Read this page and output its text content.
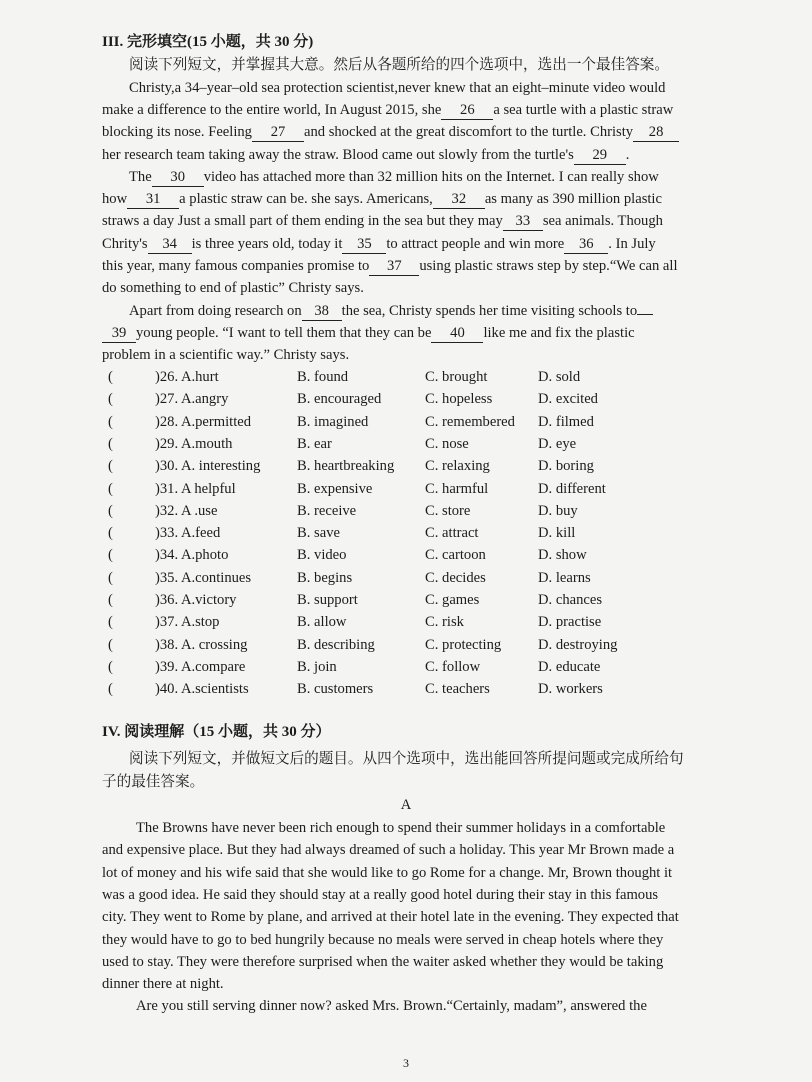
III. 完形填空(15 小题，共 30 分)
阅读下列短文，并掌握其大意。然后从各题所给的四个选项中，选出一个最佳答案。
Christy,a 34–year–old sea protection scientist,never knew that an eight–minute video would
make a difference to the entire world, In August 2015, she 26 a sea turtle with a plastic straw
blocking its nose. Feeling 27 and shocked at the great discomfort to the turtle. Christy 28
her research team taking away the straw. Blood came out slowly from the turtle's 29 .
The 30 video has attached more than 32 million hits on the Internet. I can really show
how 31 a plastic straw can be. she says. Americans, 32 as many as 390 million plastic
straws a day Just a small part of them ending in the sea but they may 33 sea animals. Though
Chrity's 34 is three years old, today it 35 to attract people and win more 36 . In July
this year, many famous companies promise to 37 using plastic straws step by step.“We can all
do something to end of plastic” Christy says.
Apart from doing research on 38 the sea, Christy spends her time visiting schools to
39 young people. “I want to tell them that they can be 40 like me and fix the plastic
problem in a scientific way.” Christy says.
(	)26. A.hurt	B. found	C. brought	D. sold
(	)27. A.angry	B. encouraged	C. hopeless	D. excited
(	)28. A.permitted	B. imagined	C. remembered D. filmed
(	)29. A.mouth	B. ear	C. nose	D. eye
(	)30. A. interesting	B. heartbreaking C. relaxing	D. boring
(	)31. A helpful	B. expensive	C. harmful	D. different
(	)32. A .use	B. receive	C. store	D. buy
(	)33. A.feed	B. save	C. attract	D. kill
(	)34. A.photo	B. video	C. cartoon	D. show
(	)35. A.continues	B. begins	C. decides	D. learns
(	)36. A.victory	B. support	C. games	D. chances
(	)37. A.stop	B. allow	C. risk	D. practise
(	)38. A. crossing	B. describing	C. protecting	D. destroying
(	)39. A.compare	B. join	C. follow	D. educate
(	)40. A.scientists	B. customers	C. teachers	D. workers
IV. 阅读理解（15 小题，共 30 分）
阅读下列短文，并做短文后的题目。从四个选项中，选出能回答所提问题或完成所给句
子的最佳答案。
A
The Browns have never been rich enough to spend their summer holidays in a comfortable
and expensive place. But they had always dreamed of such a holiday. This year Mr Brown made a
lot of money and his wife said that she would like to go Rome for a change. Mr, Brown thought it
was a good idea. He said they should stay at a really good hotel during their stay in this famous
city. They went to Rome by plane, and arrived at their hotel late in the evening. They expected that
they would have to go to bed hungrily because no meals were served in cheap hotels where they
used to stay. They were therefore surprised when the waiter asked whether they would be taking
dinner there at night.
Are you still serving dinner now? asked Mrs. Brown.“Certainly, madam”, answered the
3
